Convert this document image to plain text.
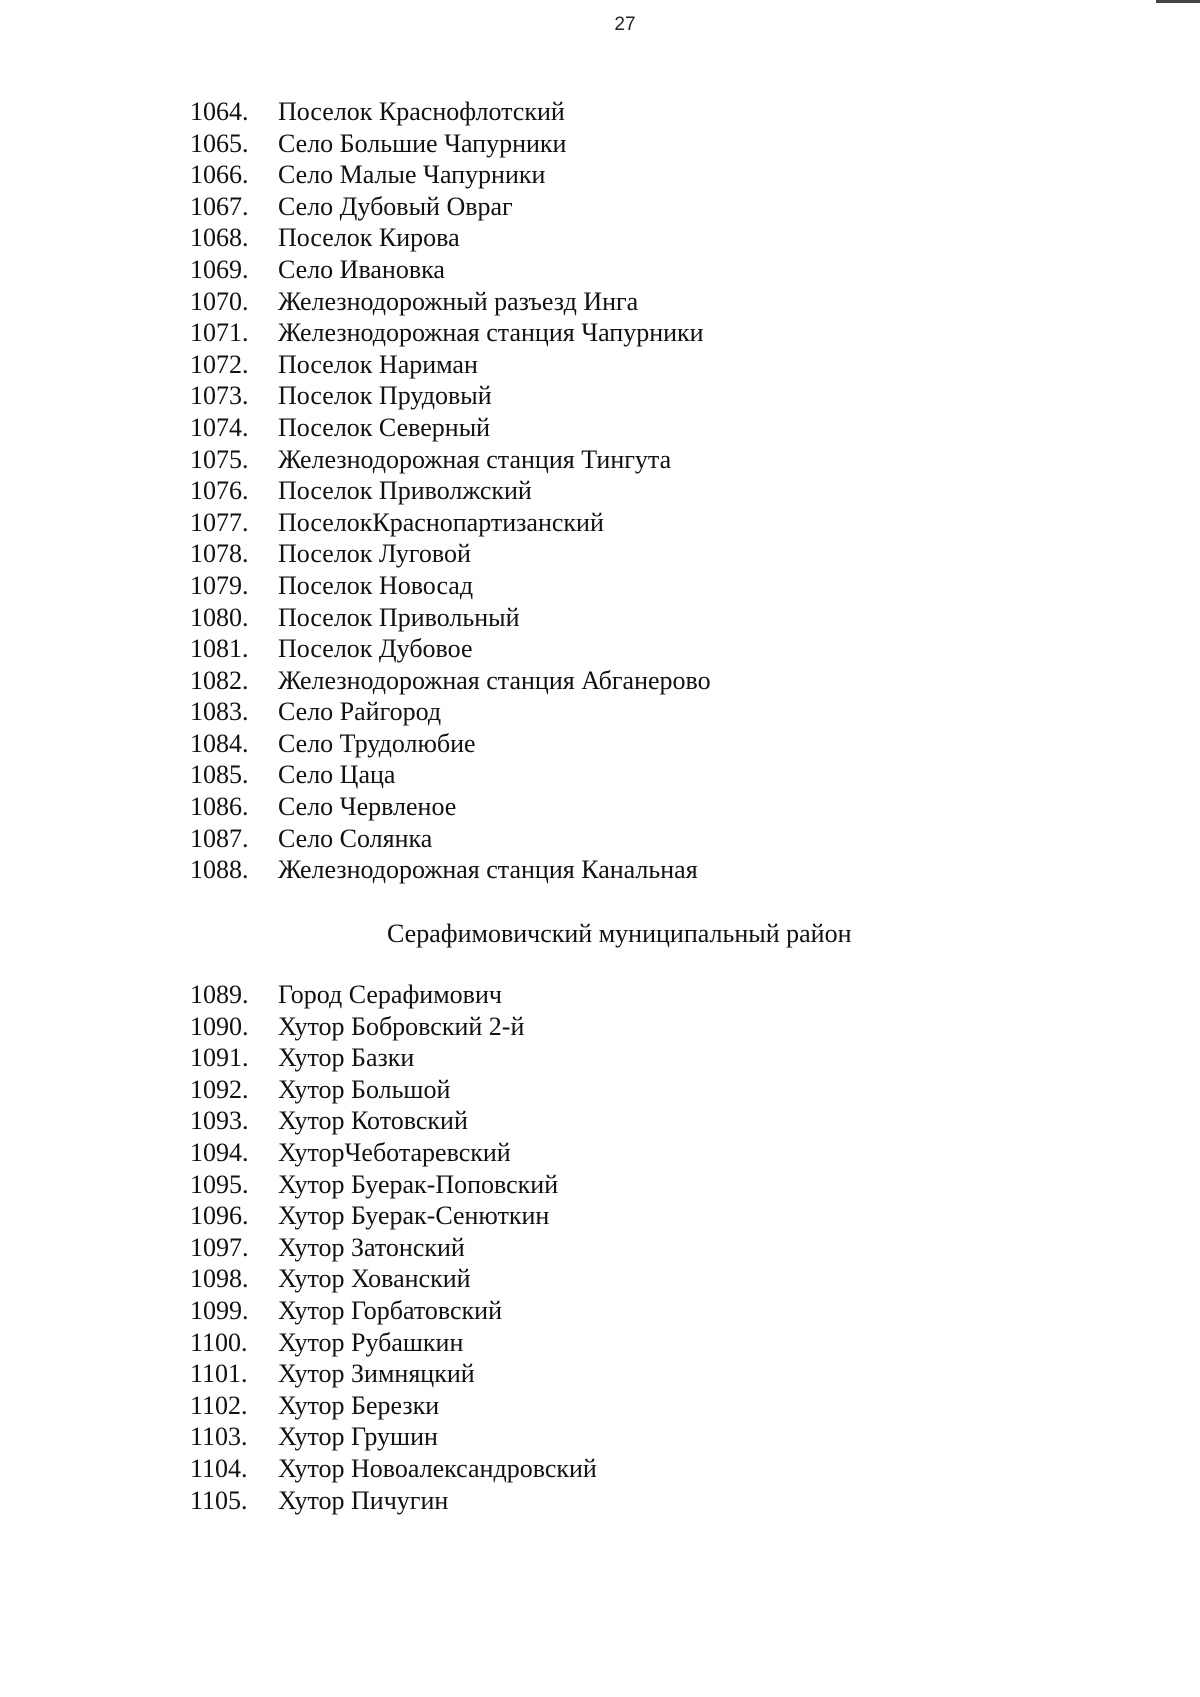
27
1064. Поселок Краснофлотский
1065. Село Большие Чапурники
1066. Село Малые Чапурники
1067. Село Дубовый Овраг
1068. Поселок Кирова
1069. Село Ивановка
1070. Железнодорожный разъезд Инга
1071. Железнодорожная станция Чапурники
1072. Поселок Нариман
1073. Поселок Прудовый
1074. Поселок Северный
1075. Железнодорожная станция Тингута
1076. Поселок Приволжский
1077. ПоселокКраснопартизанский
1078. Поселок Луговой
1079. Поселок Новосад
1080. Поселок Привольный
1081. Поселок Дубовое
1082. Железнодорожная станция Абганерово
1083. Село Райгород
1084. Село Трудолюбие
1085. Село Цаца
1086. Село Червленое
1087. Село Солянка
1088. Железнодорожная станция Канальная
Серафимовичский муниципальный район
1089. Город Серафимович
1090. Хутор Бобровский 2-й
1091. Хутор Базки
1092. Хутор Большой
1093. Хутор Котовский
1094. ХуторЧеботаревский
1095. Хутор Буерак-Поповский
1096. Хутор Буерак-Сенюткин
1097. Хутор Затонский
1098. Хутор Хованский
1099. Хутор Горбатовский
1100. Хутор Рубашкин
1101. Хутор Зимняцкий
1102. Хутор Березки
1103. Хутор Грушин
1104. Хутор Новоалександровский
1105. Хутор Пичугин
